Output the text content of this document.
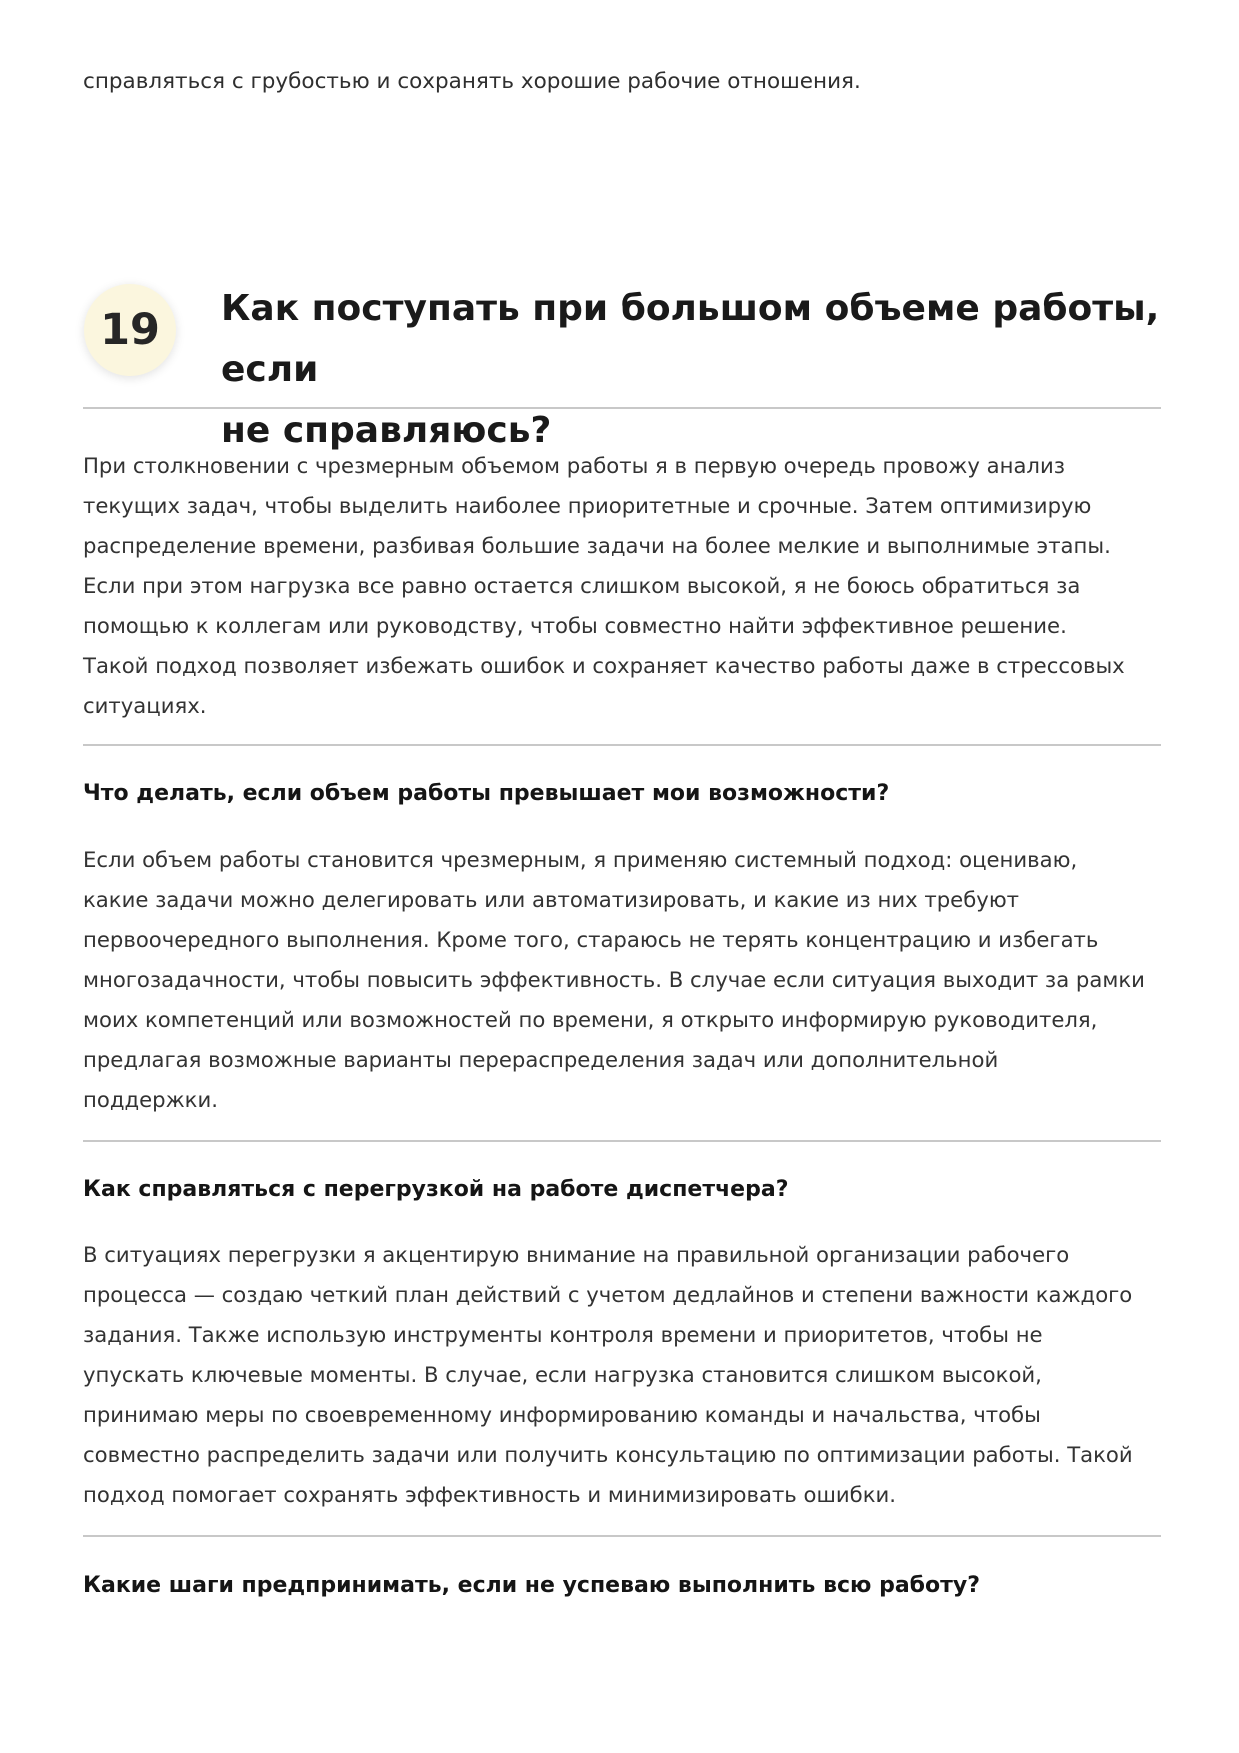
справляться с грубостью и сохранять хорошие рабочие отношения.
19	Как поступать при большом объеме работы, если
не справляюсь?
При столкновении с чрезмерным объемом работы я в первую очередь провожу анализ
текущих задач, чтобы выделить наиболее приоритетные и срочные. Затем оптимизирую
распределение времени, разбивая большие задачи на более мелкие и выполнимые этапы.
Если при этом нагрузка все равно остается слишком высокой, я не боюсь обратиться за
помощью к коллегам или руководству, чтобы совместно найти эффективное решение.
Такой подход позволяет избежать ошибок и сохраняет качество работы даже в стрессовых
ситуациях.
Что делать, если объем работы превышает мои возможности?
Если объем работы становится чрезмерным, я применяю системный подход: оцениваю,
какие задачи можно делегировать или автоматизировать, и какие из них требуют
первоочередного выполнения. Кроме того, стараюсь не терять концентрацию и избегать
многозадачности, чтобы повысить эффективность. В случае если ситуация выходит за рамки
моих компетенций или возможностей по времени, я открыто информирую руководителя,
предлагая возможные варианты перераспределения задач или дополнительной
поддержки.
Как справляться с перегрузкой на работе диспетчера?
В ситуациях перегрузки я акцентирую внимание на правильной организации рабочего
процесса — создаю четкий план действий с учетом дедлайнов и степени важности каждого
задания. Также использую инструменты контроля времени и приоритетов, чтобы не
упускать ключевые моменты. В случае, если нагрузка становится слишком высокой,
принимаю меры по своевременному информированию команды и начальства, чтобы
совместно распределить задачи или получить консультацию по оптимизации работы. Такой
подход помогает сохранять эффективность и минимизировать ошибки.
Какие шаги предпринимать, если не успеваю выполнить всю работу?
